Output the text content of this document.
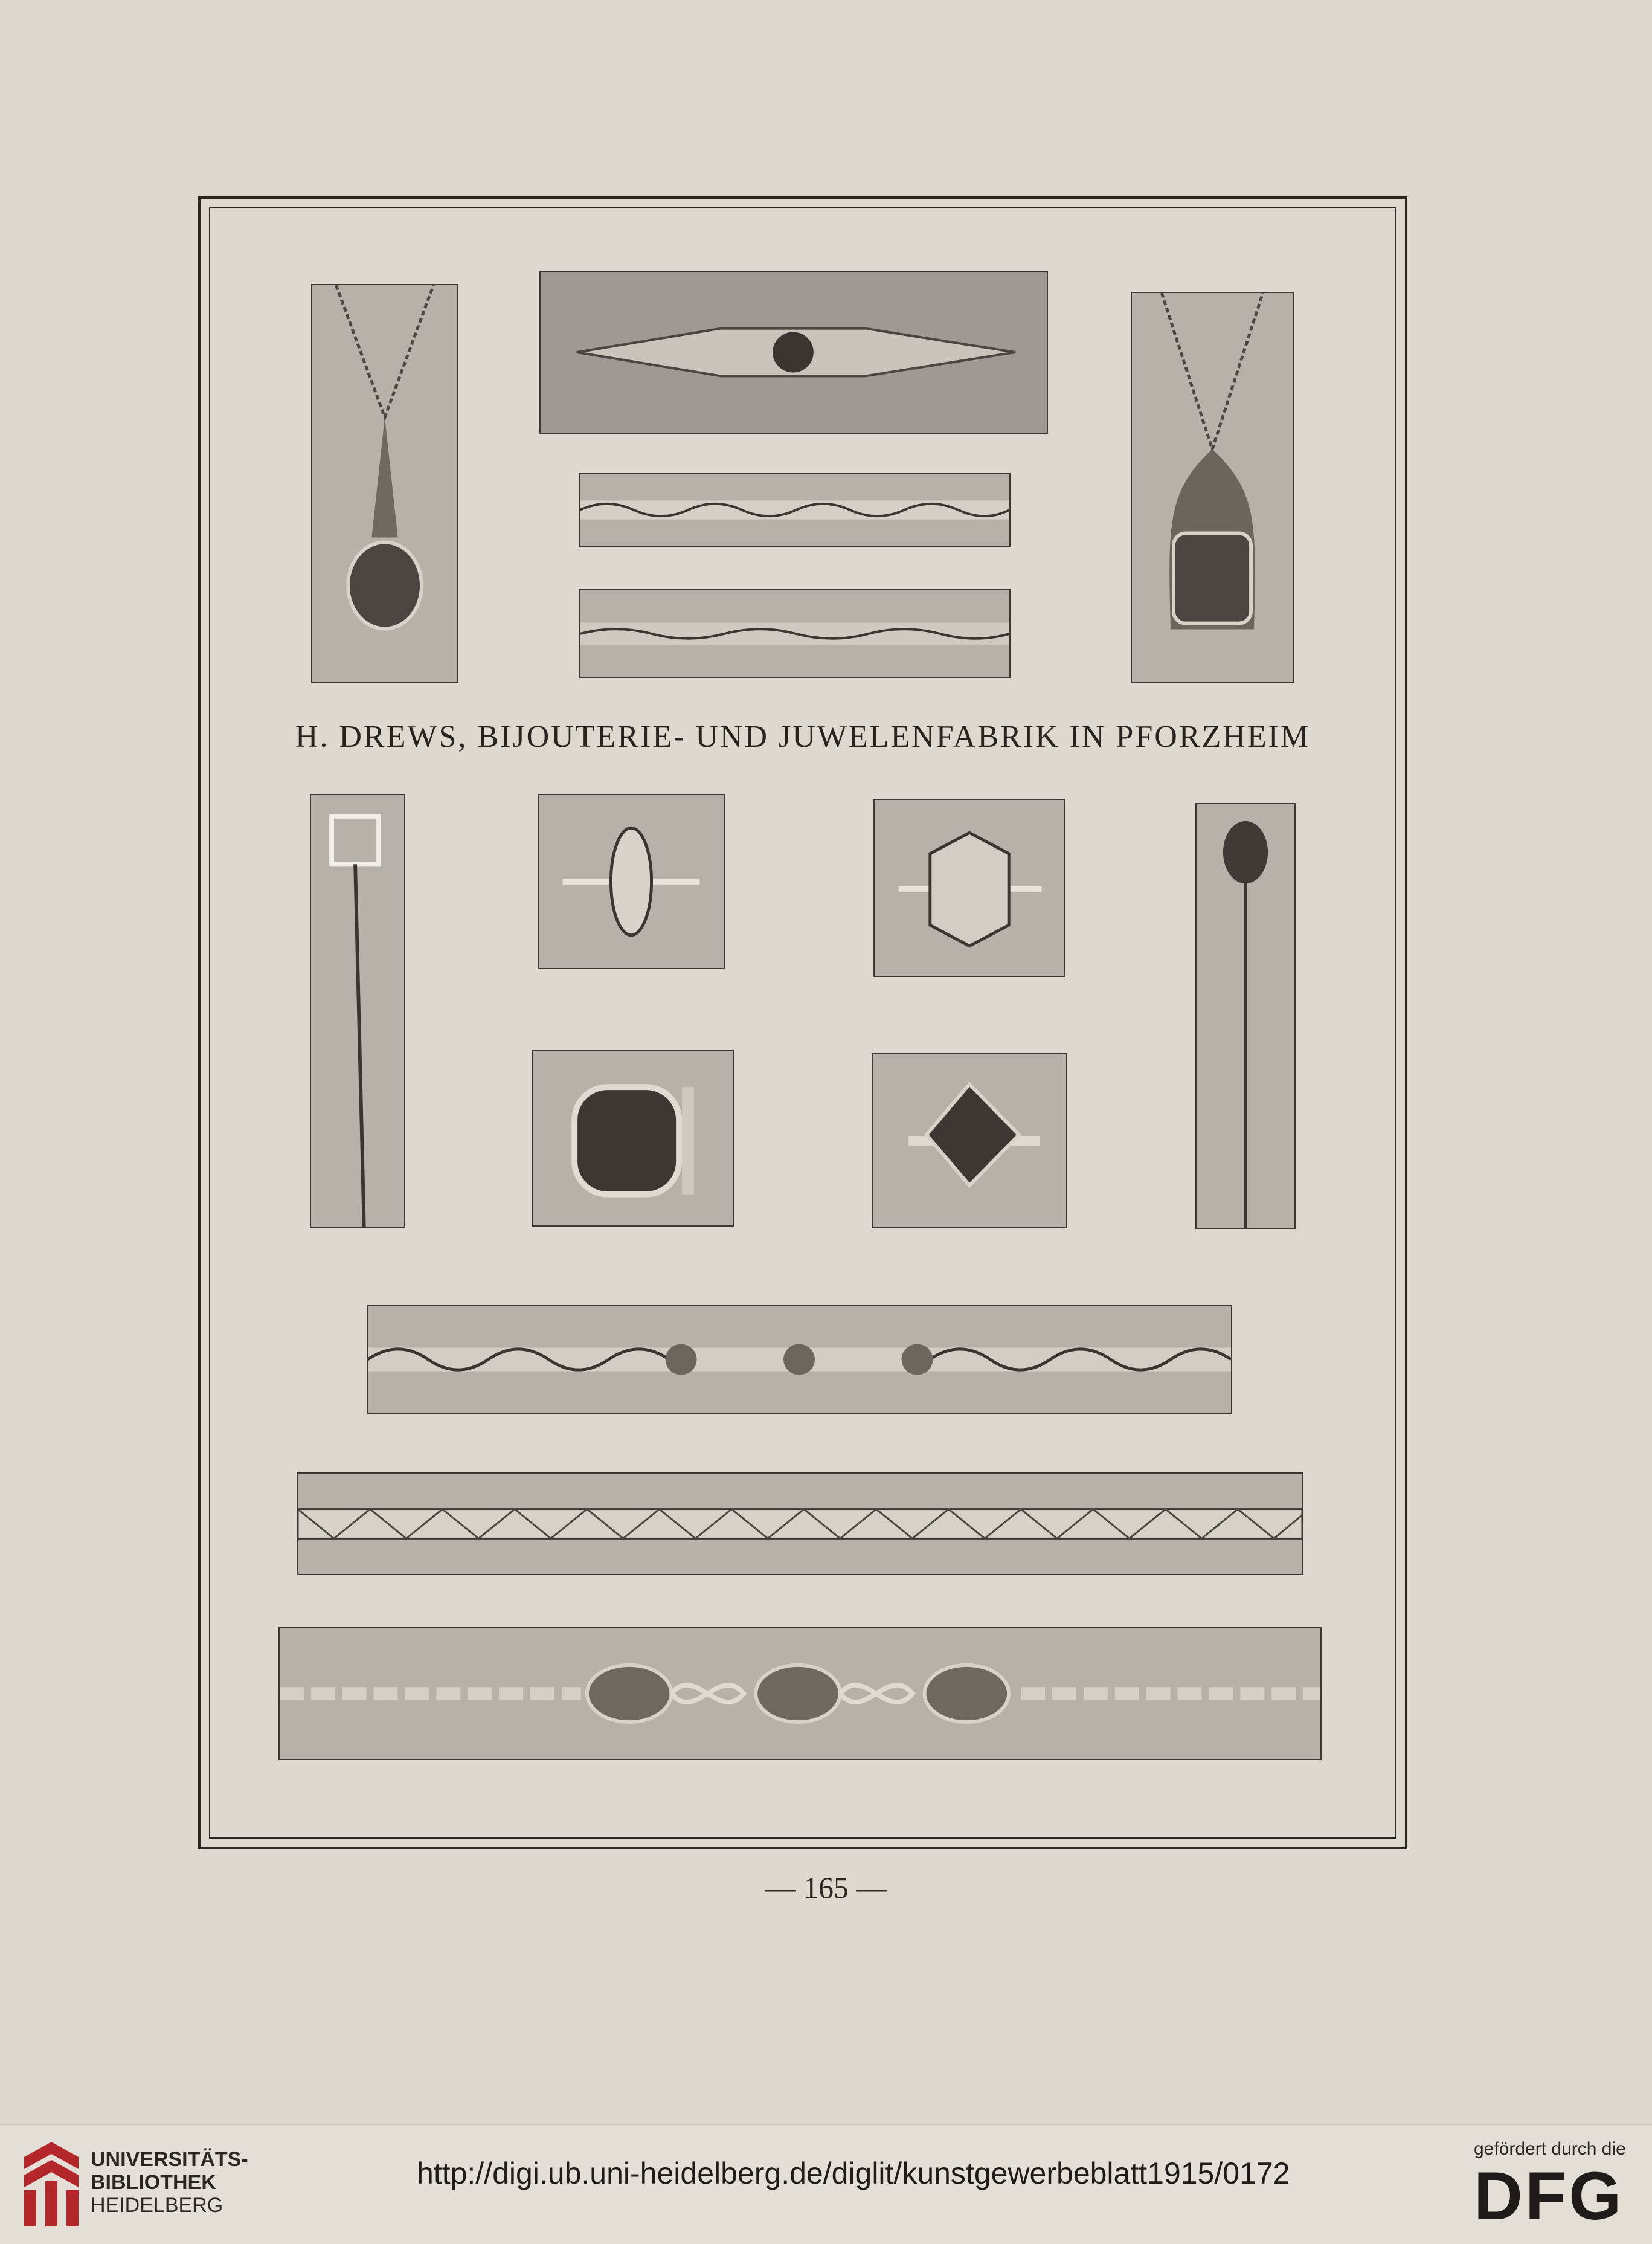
H. DREWS, BIJOUTERIE- UND JUWELENFABRIK IN PFORZHEIM
— 165 —
UNIVERSITÄTS-
BIBLIOTHEK
HEIDELBERG
http://digi.ub.uni-heidelberg.de/diglit/kunstgewerbeblatt1915/0172
gefördert durch die
DFG
